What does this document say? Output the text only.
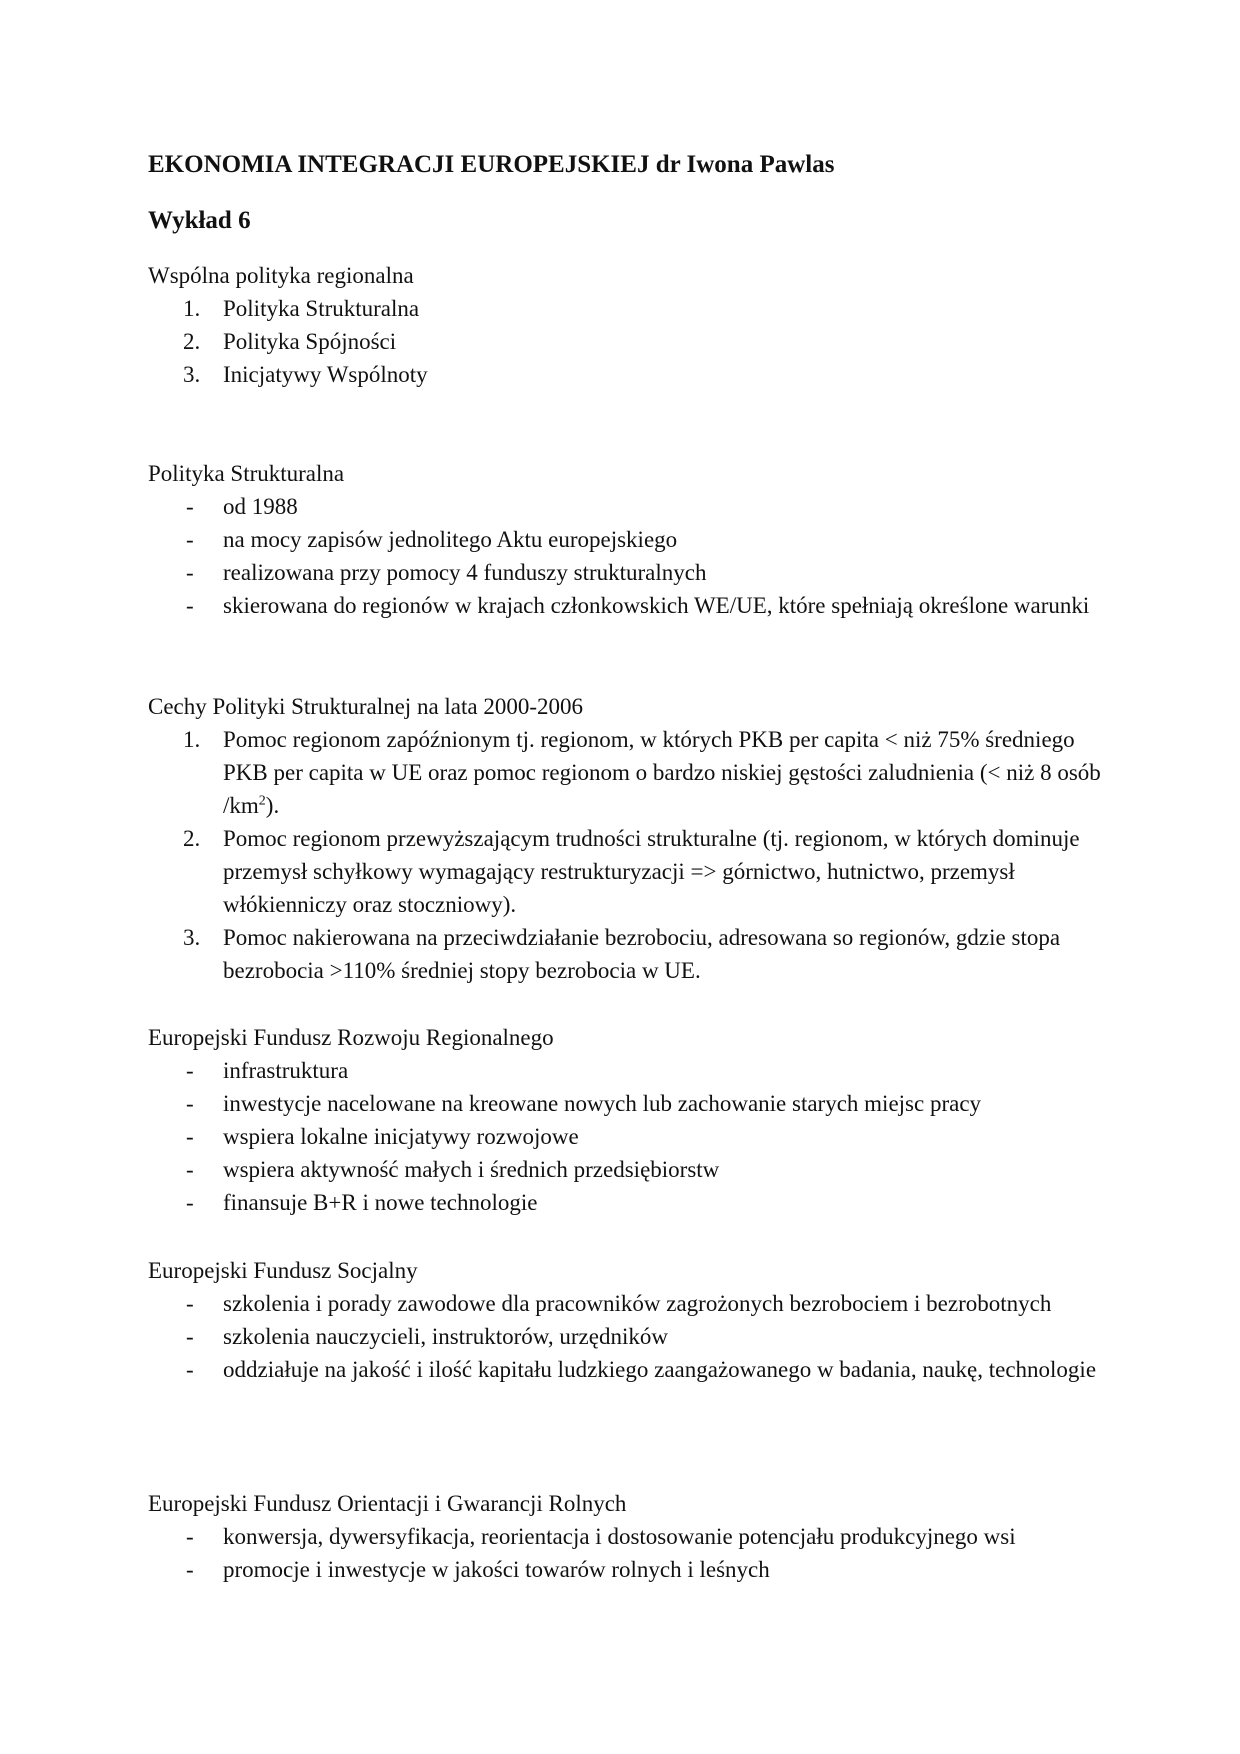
EKONOMIA INTEGRACJI EUROPEJSKIEJ dr Iwona Pawlas
Wykład 6

Wspólna polityka regionalna

1. Polityka Strukturalna
2. Polityka Spójności
3. Inicjatywy Wspólnoty

Polityka Strukturalna

-	od 1988
-	na mocy zapisów jednolitego Aktu europejskiego
-	realizowana przy pomocy 4 funduszy strukturalnych
-	skierowana do regionów w krajach członkowskich WE/UE, które spełniają określone warunki

Cechy Polityki Strukturalnej na lata 2000-2006

1. Pomoc regionom zapóźnionym tj. regionom, w których PKB per capita < niż 75% średniego PKB per capita w UE oraz pomoc regionom o bardzo niskiej gęstości zaludnienia (< niż 8 osób $/km^2$).
2. Pomoc regionom przewyższającym trudności strukturalne (tj. regionom, w których dominuje przemysł schyłkowy wymagający restrukturyzacji => górnictwo, hutnictwo, przemysł włókienniczy oraz stoczniowy).
3. Pomoc nakierowana na przeciwdziałanie bezrobociu, adresowana so regionów, gdzie stopa bezrobocia >110% średniej stopy bezrobocia w UE.

Europejski Fundusz Rozwoju Regionalnego

-	infrastruktura
-	inwestycje nacelowane na kreowane nowych lub zachowanie starych miejsc pracy
-	wspiera lokalne inicjatywy rozwojowe
-	wspiera aktywność małych i średnich przedsiębiorstw
-	finansuje B+R i nowe technologie

Europejski Fundusz Socjalny

-	szkolenia i porady zawodowe dla pracowników zagrożonych bezrobociem i bezrobotnych
-	szkolenia nauczycieli, instruktorów, urzędników
-	oddziałuje na jakość i ilość kapitału ludzkiego zaangażowanego w badania, naukę, technologie

Europejski Fundusz Orientacji i Gwarancji Rolnych

-	konwersja, dywersyfikacja, reorientacja i dostosowanie potencjału produkcyjnego wsi
-	promocje i inwestycje w jakości towarów rolnych i leśnych
